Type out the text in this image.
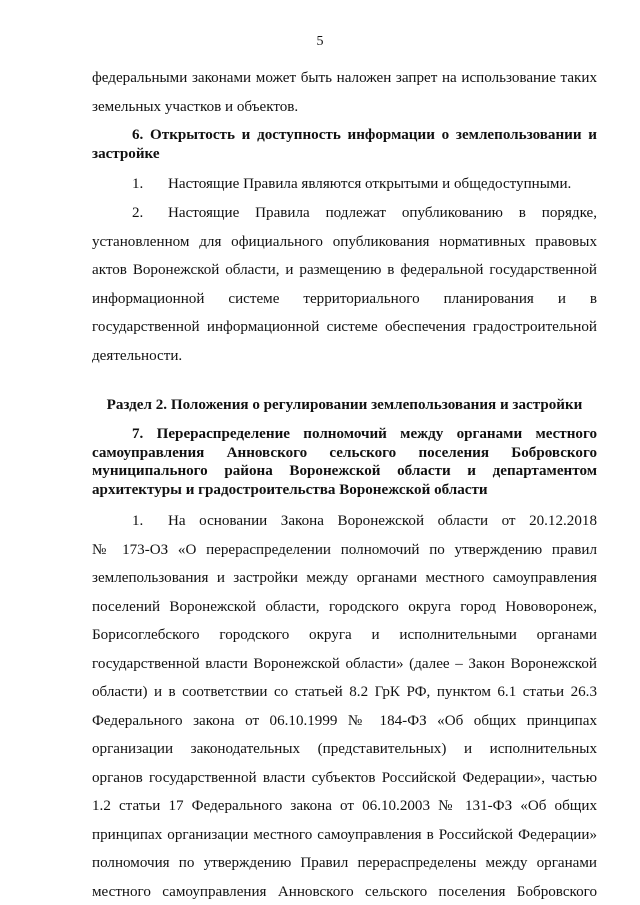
5
федеральными законами может быть наложен запрет на использование таких
земельных участков и объектов.
6. Открытость и доступность информации о землепользовании и
застройке
1. Настоящие Правила являются открытыми и общедоступными.
2.	Настоящие Правила подлежат опубликованию в порядке,
установленном для официального опубликования нормативных правовых
актов Воронежской области, и размещению в федеральной государственной
информационной системе территориального планирования и в
государственной информационной системе обеспечения градостроительной
деятельности.
Раздел 2. Положения о регулировании землепользования и застройки
7. Перераспределение полномочий между органами местного
самоуправления Анновского сельского поселения Бобровского
муниципального района Воронежской области и департаментом
архитектуры и градостроительства Воронежской области
1.	На основании Закона Воронежской области от 20.12.2018
№ 173-ОЗ «О перераспределении полномочий по утверждению правил
землепользования и застройки между органами местного самоуправления
поселений Воронежской области, городского округа город Нововоронеж,
Борисоглебского городского округа и исполнительными органами
государственной власти Воронежской области» (далее – Закон Воронежской
области) и в соответствии со статьей 8.2 ГрК РФ, пунктом 6.1 статьи 26.3
Федерального закона от 06.10.1999 № 184-ФЗ «Об общих принципах
организации законодательных (представительных) и исполнительных
органов государственной власти субъектов Российской Федерации», частью
1.2 статьи 17 Федерального закона от 06.10.2003 № 131-ФЗ «Об общих
принципах организации местного самоуправления в Российской Федерации»
полномочия по утверждению Правил перераспределены между органами
местного самоуправления Анновского сельского поселения Бобровского
